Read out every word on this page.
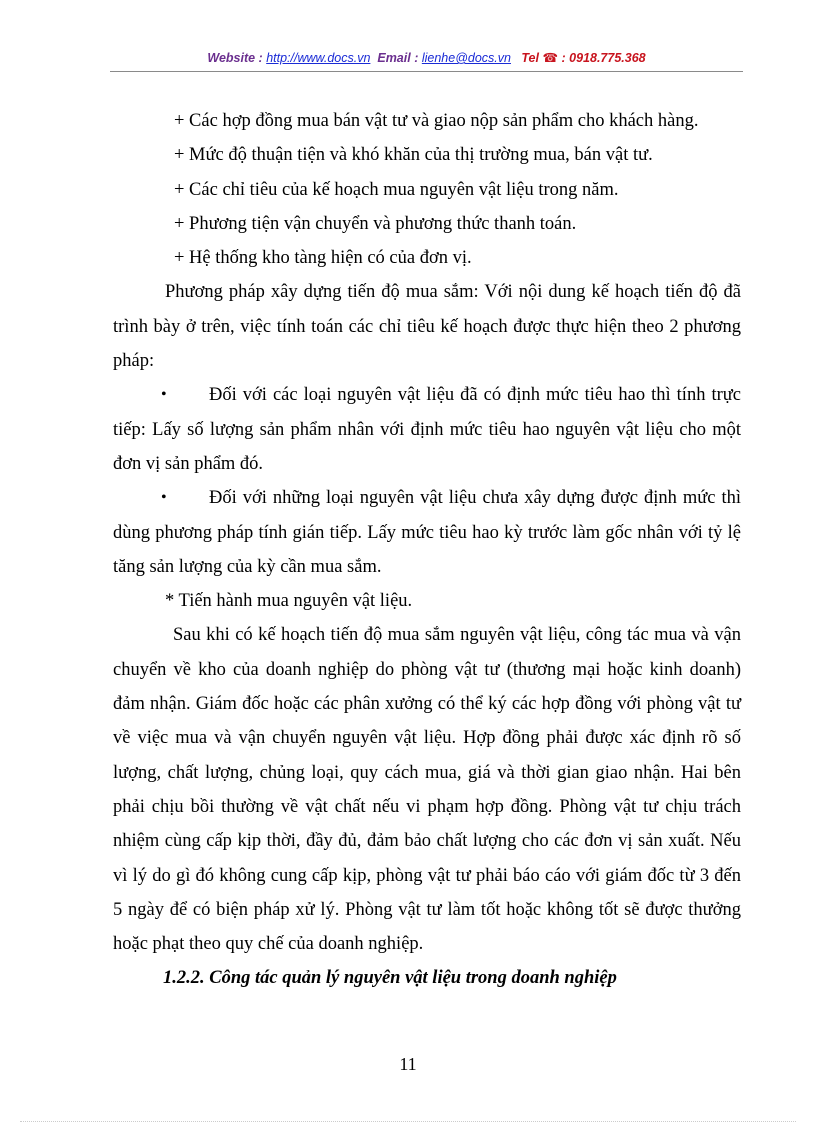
Website : http://www.docs.vn Email : lienhe@docs.vn Tel ☎ : 0918.775.368

+ Các hợp đồng mua bán vật tư và giao nộp sản phẩm cho khách hàng.

+ Mức độ thuận tiện và khó khăn của thị trường mua, bán vật tư.

+ Các chỉ tiêu của kế hoạch mua nguyên vật liệu trong năm.

+ Phương tiện vận chuyển và phương thức thanh toán.

+ Hệ thống kho tàng hiện có của đơn vị.

Phương pháp xây dựng tiến độ mua sắm: Với nội dung kế hoạch tiến độ đã trình bày ở trên, việc tính toán các chỉ tiêu kế hoạch được thực hiện theo 2 phương pháp:

• Đối với các loại nguyên vật liệu đã có định mức tiêu hao thì tính trực tiếp: Lấy số lượng sản phẩm nhân với định mức tiêu hao nguyên vật liệu cho một đơn vị sản phẩm đó.

• Đối với những loại nguyên vật liệu chưa xây dựng được định mức thì dùng phương pháp tính gián tiếp. Lấy mức tiêu hao kỳ trước làm gốc nhân với tỷ lệ tăng sản lượng của kỳ cần mua sắm.

* Tiến hành mua nguyên vật liệu.

Sau khi có kế hoạch tiến độ mua sắm nguyên vật liệu, công tác mua và vận chuyển về kho của doanh nghiệp do phòng vật tư (thương mại hoặc kinh doanh) đảm nhận. Giám đốc hoặc các phân xưởng có thể ký các hợp đồng với phòng vật tư về việc mua và vận chuyển nguyên vật liệu. Hợp đồng phải được xác định rõ số lượng, chất lượng, chủng loại, quy cách mua, giá và thời gian giao nhận. Hai bên phải chịu bồi thường về vật chất nếu vi phạm hợp đồng. Phòng vật tư chịu trách nhiệm cùng cấp kịp thời, đầy đủ, đảm bảo chất lượng cho các đơn vị sản xuất. Nếu vì lý do gì đó không cung cấp kịp, phòng vật tư phải báo cáo với giám đốc từ 3 đến 5 ngày để có biện pháp xử lý. Phòng vật tư làm tốt hoặc không tốt sẽ được thưởng hoặc phạt theo quy chế của doanh nghiệp.

1.2.2. Công tác quản lý nguyên vật liệu trong doanh nghiệp

11
